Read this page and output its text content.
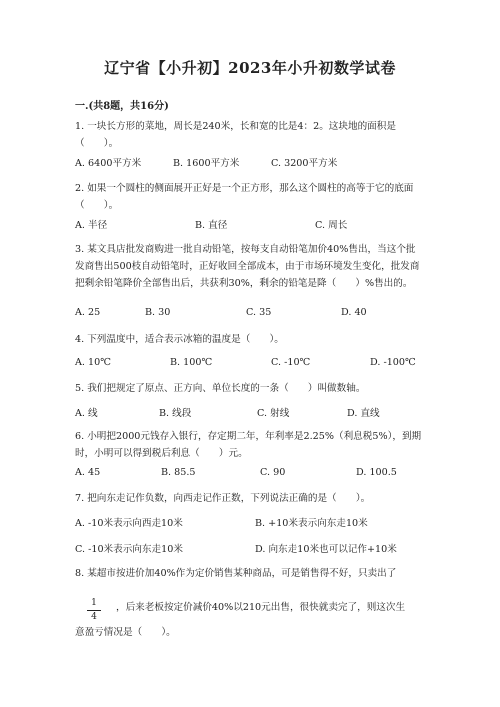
辽宁省【小升初】2023年小升初数学试卷
一.(共8题，共16分)
1. 一块长方形的菜地，周长是240米，长和宽的比是4：2。这块地的面积是（　　）。
A. 6400平方米	B. 1600平方米	C. 3200平方米
2. 如果一个圆柱的侧面展开正好是一个正方形，那么这个圆柱的高等于它的底面（　　）。
A. 半径	B. 直径	C. 周长
3. 某文具店批发商购进一批自动铅笔，按每支自动铅笔加价40%售出，当这个批发商售出500枝自动铅笔时，正好收回全部成本，由于市场环境发生变化，批发商把剩余铅笔降价全部售出后，共获利30%，剩余的铅笔是降（　　）%售出的。
A. 25	B. 30	C. 35	D. 40
4. 下列温度中，适合表示冰箱的温度是（　　）。
A. 10℃	B. 100℃	C. -10℃	D. -100℃
5. 我们把规定了原点、正方向、单位长度的一条（　　）叫做数轴。
A. 线	B. 线段	C. 射线	D. 直线
6. 小明把2000元钱存入银行，存定期二年，年利率是2.25%（利息税5%），到期时，小明可以得到税后利息（　　）元。
A. 45	B. 85.5	C. 90	D. 100.5
7. 把向东走记作负数，向西走记作正数，下列说法正确的是（　　）。
A. -10米表示向西走10米	B. +10米表示向东走10米
C. -10米表示向东走10米	D. 向东走10米也可以记作+10米
8. 某超市按进价加40%作为定价销售某种商品，可是销售得不好，只卖出了
1
4
，后来老板按定价减价40%以210元出售，很快就卖完了，则这次生
意盈亏情况是（　　）。
